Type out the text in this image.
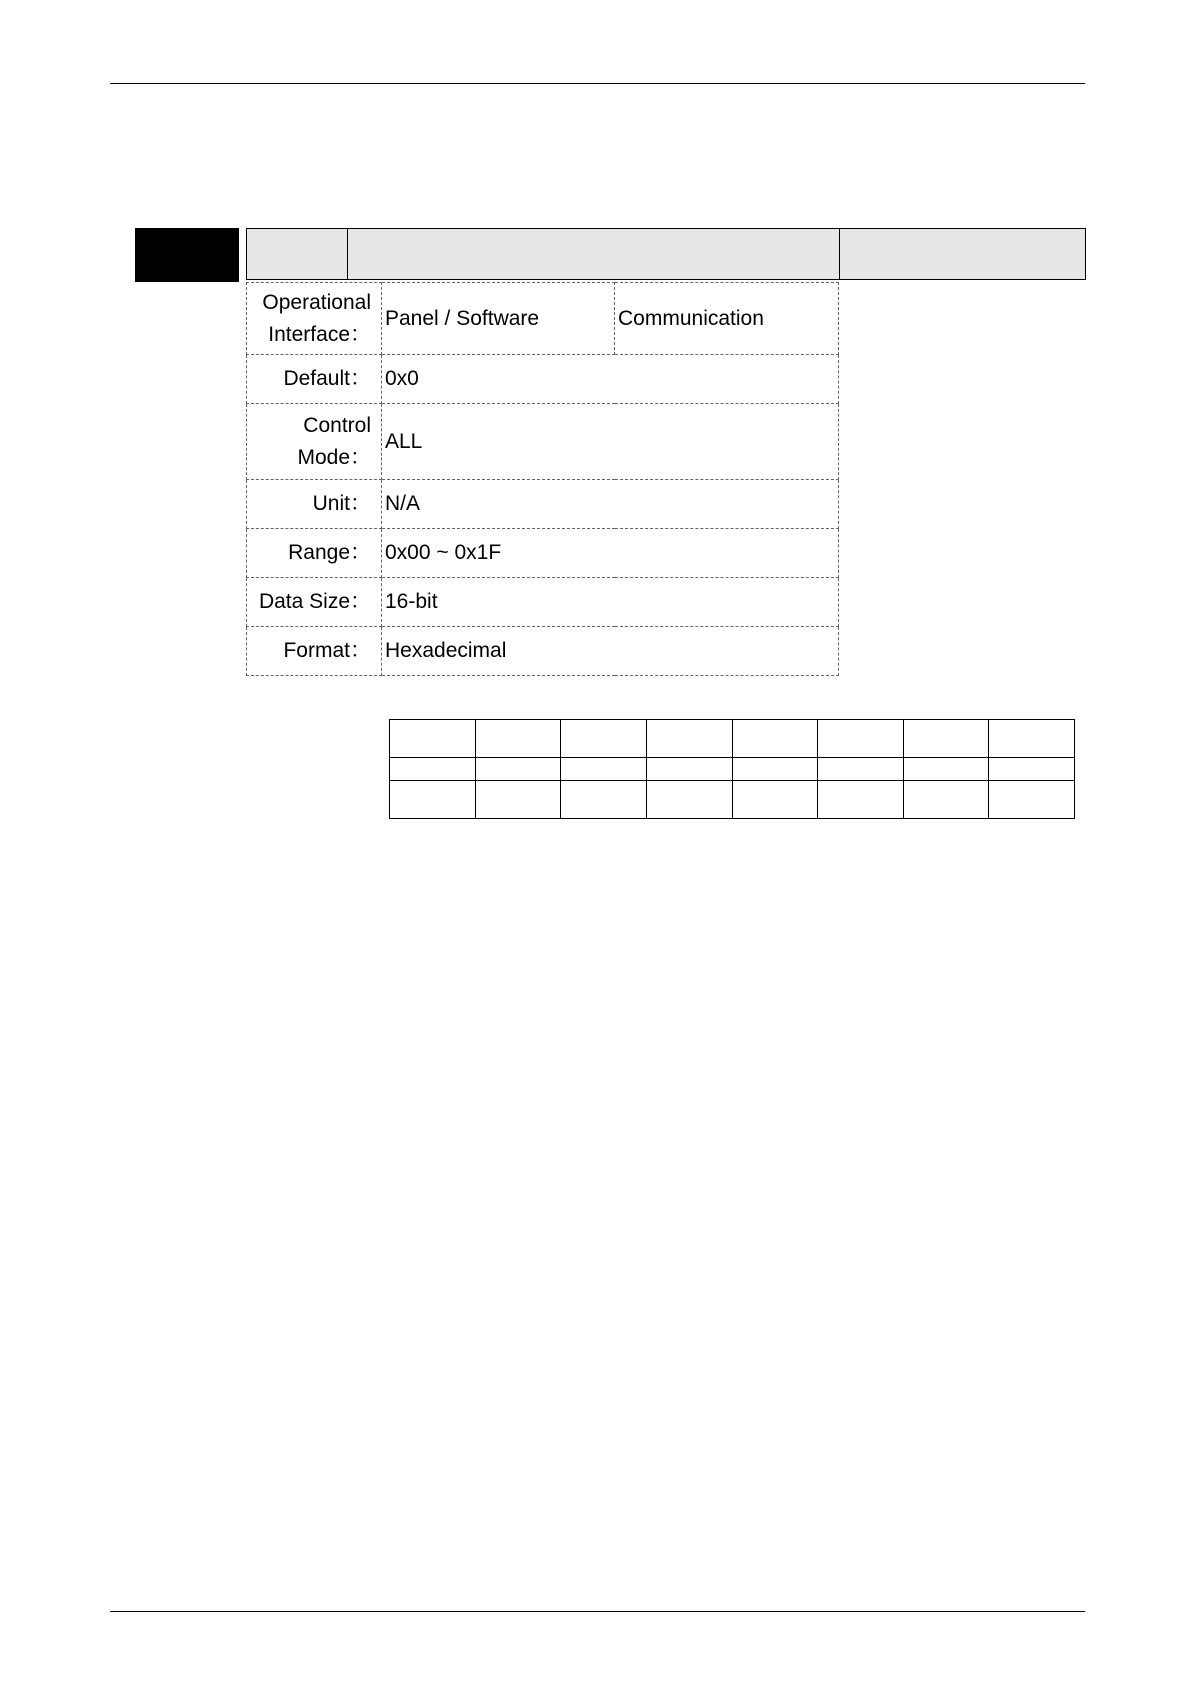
Operational
Interface：	Panel / Software	Communication

Default：	0x0	

Control
Mode：	ALL	

Unit：	N/A	

Range：	0x00 ~ 0x1F	

Data Size：	16-bit	

Format：	Hexadecimal	
